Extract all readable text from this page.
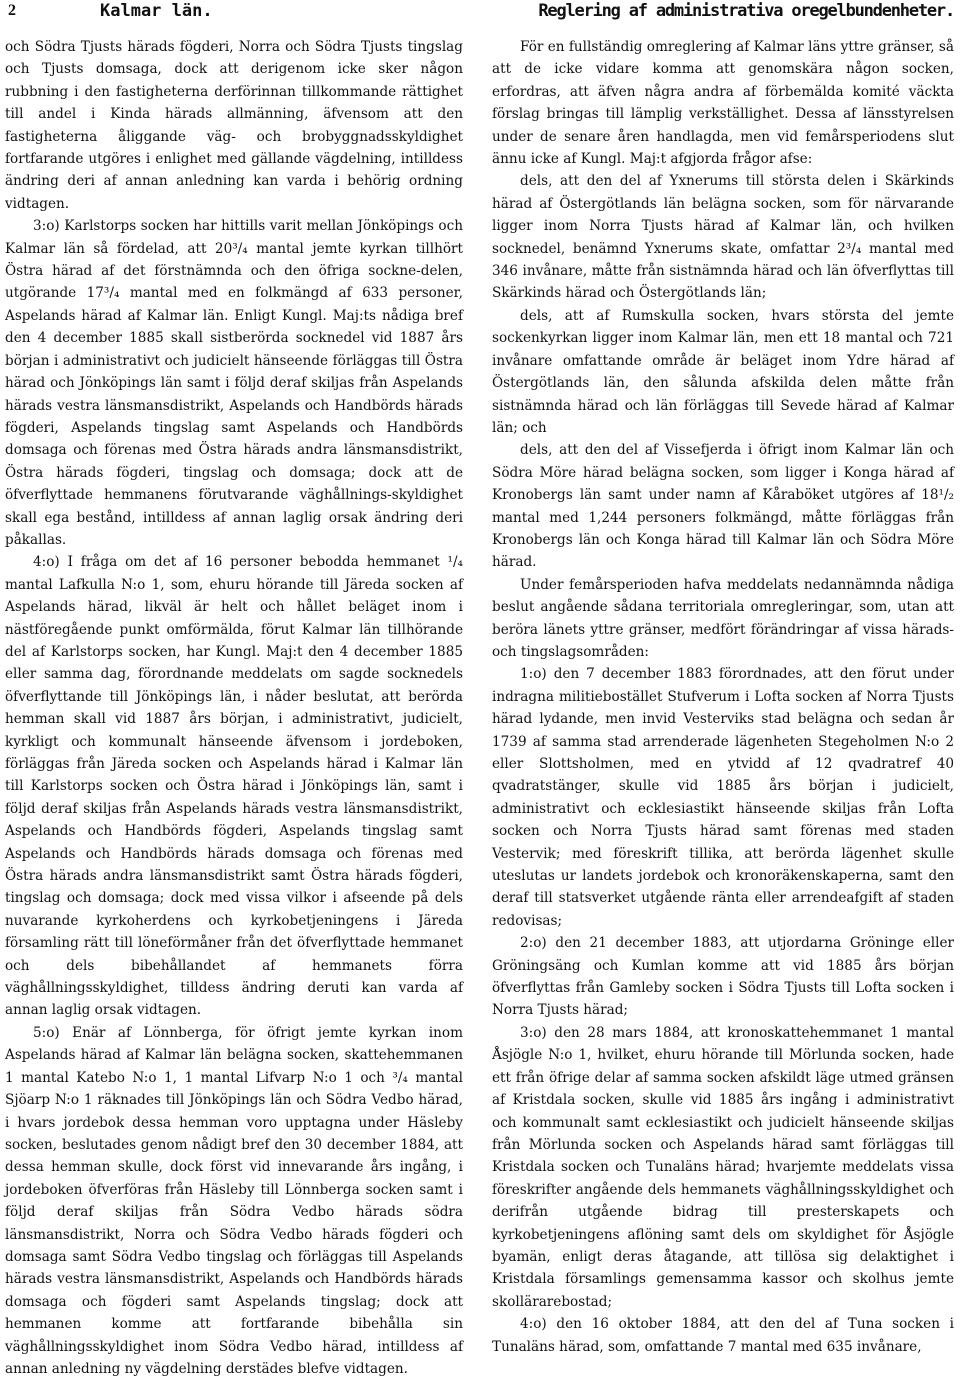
2	Kalmar län.	Reglering af administrativa oregelbundenheter.

och Södra Tjusts härads fögderi, Norra och Södra Tjusts tingslag och Tjusts domsaga, dock att derigenom icke sker någon rubbning i den fastigheterna derförinnan tillkommande rättighet till andel i Kinda härads allmänning, äfvensom att den fastigheterna åliggande väg- och brobyggnadsskyldighet fortfarande utgöres i enlighet med gällande vägdelning, intilldess ändring deri af annan anledning kan varda i behörig ordning vidtagen.

3:o) Karlstorps socken har hittills varit mellan Jönköpings och Kalmar län så fördelad, att 20³/₄ mantal jemte kyrkan tillhört Östra härad af det förstnämnda och den öfriga sockne-delen, utgörande 17³/₄ mantal med en folkmängd af 633 personer, Aspelands härad af Kalmar län. Enligt Kungl. Maj:ts nådiga bref den 4 december 1885 skall sistberörda socknedel vid 1887 års början i administrativt och judicielt hänseende förläggas till Östra härad och Jönköpings län samt i följd deraf skiljas från Aspelands härads vestra länsmansdistrikt, Aspelands och Handbörds härads fögderi, Aspelands tingslag samt Aspelands och Handbörds domsaga och förenas med Östra härads andra länsmansdistrikt, Östra härads fögderi, tingslag och domsaga; dock att de öfverflyttade hemmanens förutvarande väghållnings-skyldighet skall ega bestånd, intilldess af annan laglig orsak ändring deri påkallas.

4:o) I fråga om det af 16 personer bebodda hemmanet ¹/₄ mantal Lafkulla N:o 1, som, ehuru hörande till Järeda socken af Aspelands härad, likväl är helt och hållet beläget inom i nästföregående punkt omförmälda, förut Kalmar län tillhörande del af Karlstorps socken, har Kungl. Maj:t den 4 december 1885 eller samma dag, förordnande meddelats om sagde socknedels öfverflyttande till Jönköpings län, i nåder beslutat, att berörda hemman skall vid 1887 års början, i administrativt, judicielt, kyrkligt och kommunalt hänseende äfvensom i jordeboken, förläggas från Järeda socken och Aspelands härad i Kalmar län till Karlstorps socken och Östra härad i Jönköpings län, samt i följd deraf skiljas från Aspelands härads vestra länsmansdistrikt, Aspelands och Handbörds fögderi, Aspelands tingslag samt Aspelands och Handbörds härads domsaga och förenas med Östra härads andra länsmansdistrikt samt Östra härads fögderi, tingslag och domsaga; dock med vissa vilkor i afseende på dels nuvarande kyrkoherdens och kyrkobetjeningens i Järeda församling rätt till löneförmåner från det öfverflyttade hemmanet och dels bibehållandet af hemmanets förra väghållningsskyldighet, tilldess ändring deruti kan varda af annan laglig orsak vidtagen.

5:o) Enär af Lönnberga, för öfrigt jemte kyrkan inom Aspelands härad af Kalmar län belägna socken, skattehemmanen 1 mantal Katebo N:o 1, 1 mantal Lifvarp N:o 1 och ³/₄ mantal Sjöarp N:o 1 räknades till Jönköpings län och Södra Vedbo härad, i hvars jordebok dessa hemman voro upptagna under Häsleby socken, beslutades genom nådigt bref den 30 december 1884, att dessa hemman skulle, dock först vid innevarande års ingång, i jordeboken öfverföras från Häsleby till Lönnberga socken samt i följd deraf skiljas från Södra Vedbo härads södra länsmansdistrikt, Norra och Södra Vedbo härads fögderi och domsaga samt Södra Vedbo tingslag och förläggas till Aspelands härads vestra länsmansdistrikt, Aspelands och Handbörds härads domsaga och fögderi samt Aspelands tingslag; dock att hemmanen komme att fortfarande bibehålla sin väghållningsskyldighet inom Södra Vedbo härad, intilldess af annan anledning ny vägdelning derstädes blefve vidtagen.

För en fullständig omreglering af Kalmar läns yttre gränser, så att de icke vidare komma att genomskära någon socken, erfordras, att äfven några andra af förbemälda komité väckta förslag bringas till lämplig verkställighet. Dessa af länsstyrelsen under de senare åren handlagda, men vid femårsperiodens slut ännu icke af Kungl. Maj:t afgjorda frågor afse:

dels, att den del af Yxnerums till största delen i Skärkinds härad af Östergötlands län belägna socken, som för närvarande ligger inom Norra Tjusts härad af Kalmar län, och hvilken socknedel, benämnd Yxnerums skate, omfattar 2³/₄ mantal med 346 invånare, måtte från sistnämnda härad och län öfverflyttas till Skärkinds härad och Östergötlands län;

dels, att af Rumskulla socken, hvars största del jemte sockenkyrkan ligger inom Kalmar län, men ett 18 mantal och 721 invånare omfattande område är beläget inom Ydre härad af Östergötlands län, den sålunda afskilda delen måtte från sistnämnda härad och län förläggas till Sevede härad af Kalmar län; och

dels, att den del af Vissefjerda i öfrigt inom Kalmar län och Södra Möre härad belägna socken, som ligger i Konga härad af Kronobergs län samt under namn af Kåraböket utgöres af 18¹/₂ mantal med 1,244 personers folkmängd, måtte förläggas från Kronobergs län och Konga härad till Kalmar län och Södra Möre härad.

Under femårsperioden hafva meddelats nedannämnda nådiga beslut angående sådana territoriala omregleringar, som, utan att beröra länets yttre gränser, medfört förändringar af vissa härads- och tingslagsområden:

1:o) den 7 december 1883 förordnades, att den förut under indragna militiebostället Stufverum i Lofta socken af Norra Tjusts härad lydande, men invid Vesterviks stad belägna och sedan år 1739 af samma stad arrenderade lägenheten Stegeholmen N:o 2 eller Slottsholmen, med en ytvidd af 12 qvadratref 40 qvadratstänger, skulle vid 1885 års början i judicielt, administrativt och ecklesiastikt hänseende skiljas från Lofta socken och Norra Tjusts härad samt förenas med staden Vestervik; med föreskrift tillika, att berörda lägenhet skulle uteslutas ur landets jordebok och kronoräkenskaperna, samt den deraf till statsverket utgående ränta eller arrendeafgift af staden redovisas;

2:o) den 21 december 1883, att utjordarna Gröninge eller Gröningsäng och Kumlan komme att vid 1885 års början öfverflyttas från Gamleby socken i Södra Tjusts till Lofta socken i Norra Tjusts härad;

3:o) den 28 mars 1884, att kronoskattehemmanet 1 mantal Åsjögle N:o 1, hvilket, ehuru hörande till Mörlunda socken, hade ett från öfrige delar af samma socken afskildt läge utmed gränsen af Kristdala socken, skulle vid 1885 års ingång i administrativt och kommunalt samt ecklesiastikt och judicielt hänseende skiljas från Mörlunda socken och Aspelands härad samt förläggas till Kristdala socken och Tunaläns härad; hvarjemte meddelats vissa föreskrifter angående dels hemmanets väghållningsskyldighet och derifrån utgående bidrag till presterskapets och kyrkobetjeningens aflöning samt dels om skyldighet för Åsjögle byamän, enligt deras åtagande, att tillösa sig delaktighet i Kristdala församlings gemensamma kassor och skolhus jemte skollärarebostad;

4:o) den 16 oktober 1884, att den del af Tuna socken i Tunaläns härad, som, omfattande 7 mantal med 635 invånare,
